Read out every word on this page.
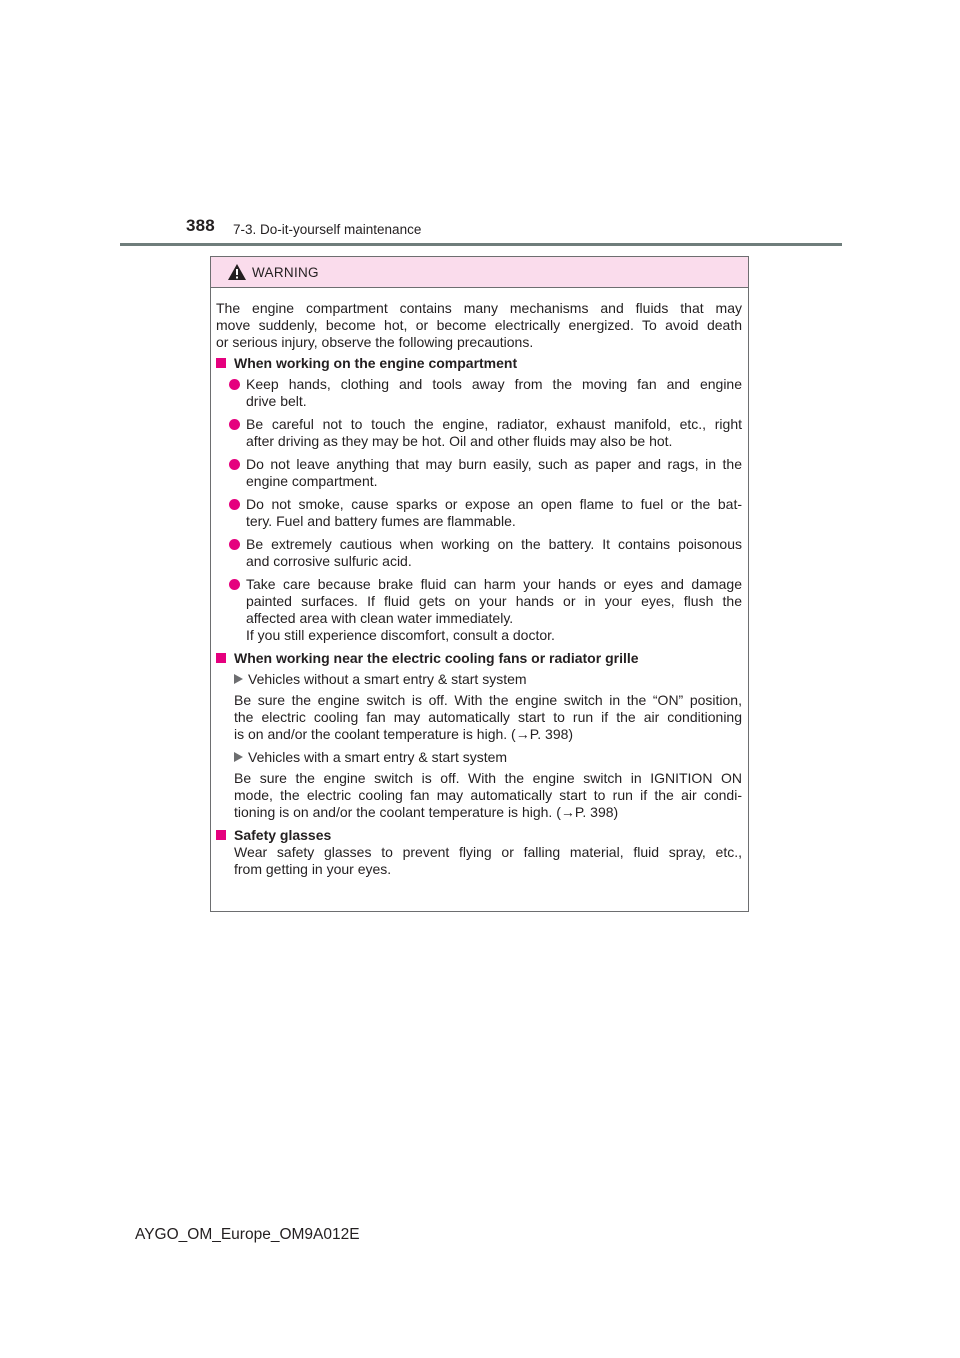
388 7-3. Do-it-yourself maintenance
WARNING
The engine compartment contains many mechanisms and fluids that may
move suddenly, become hot, or become electrically energized. To avoid death
or serious injury, observe the following precautions.
When working on the engine compartment
Keep hands, clothing and tools away from the moving fan and engine
drive belt.
Be careful not to touch the engine, radiator, exhaust manifold, etc., right
after driving as they may be hot. Oil and other fluids may also be hot.
Do not leave anything that may burn easily, such as paper and rags, in the
engine compartment.
Do not smoke, cause sparks or expose an open flame to fuel or the bat-
tery. Fuel and battery fumes are flammable.
Be extremely cautious when working on the battery. It contains poisonous
and corrosive sulfuric acid.
Take care because brake fluid can harm your hands or eyes and damage
painted surfaces. If fluid gets on your hands or in your eyes, flush the
affected area with clean water immediately.
If you still experience discomfort, consult a doctor.
When working near the electric cooling fans or radiator grille
Vehicles without a smart entry & start system
Be sure the engine switch is off. With the engine switch in the “ON” position,
the electric cooling fan may automatically start to run if the air conditioning
is on and/or the coolant temperature is high. (→P. 398)
Vehicles with a smart entry & start system
Be sure the engine switch is off. With the engine switch in IGNITION ON
mode, the electric cooling fan may automatically start to run if the air condi-
tioning is on and/or the coolant temperature is high. (→P. 398)
Safety glasses
Wear safety glasses to prevent flying or falling material, fluid spray, etc.,
from getting in your eyes.
AYGO_OM_Europe_OM9A012E
